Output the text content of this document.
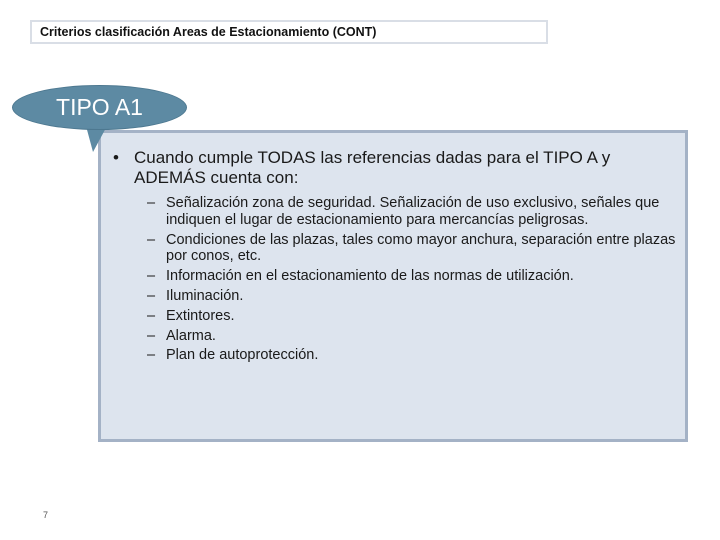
Criterios clasificación Areas de Estacionamiento (CONT)
TIPO A1
• Cuando cumple TODAS las referencias dadas para el TIPO A y ADEMÁS cuenta con:
– Señalización zona de seguridad. Señalización de uso exclusivo, señales que indiquen el lugar de estacionamiento para mercancías peligrosas.
– Condiciones de las plazas, tales como mayor anchura, separación entre plazas por conos, etc.
– Información en el estacionamiento de las normas de utilización.
– Iluminación.
– Extintores.
– Alarma.
– Plan de autoprotección.
7
